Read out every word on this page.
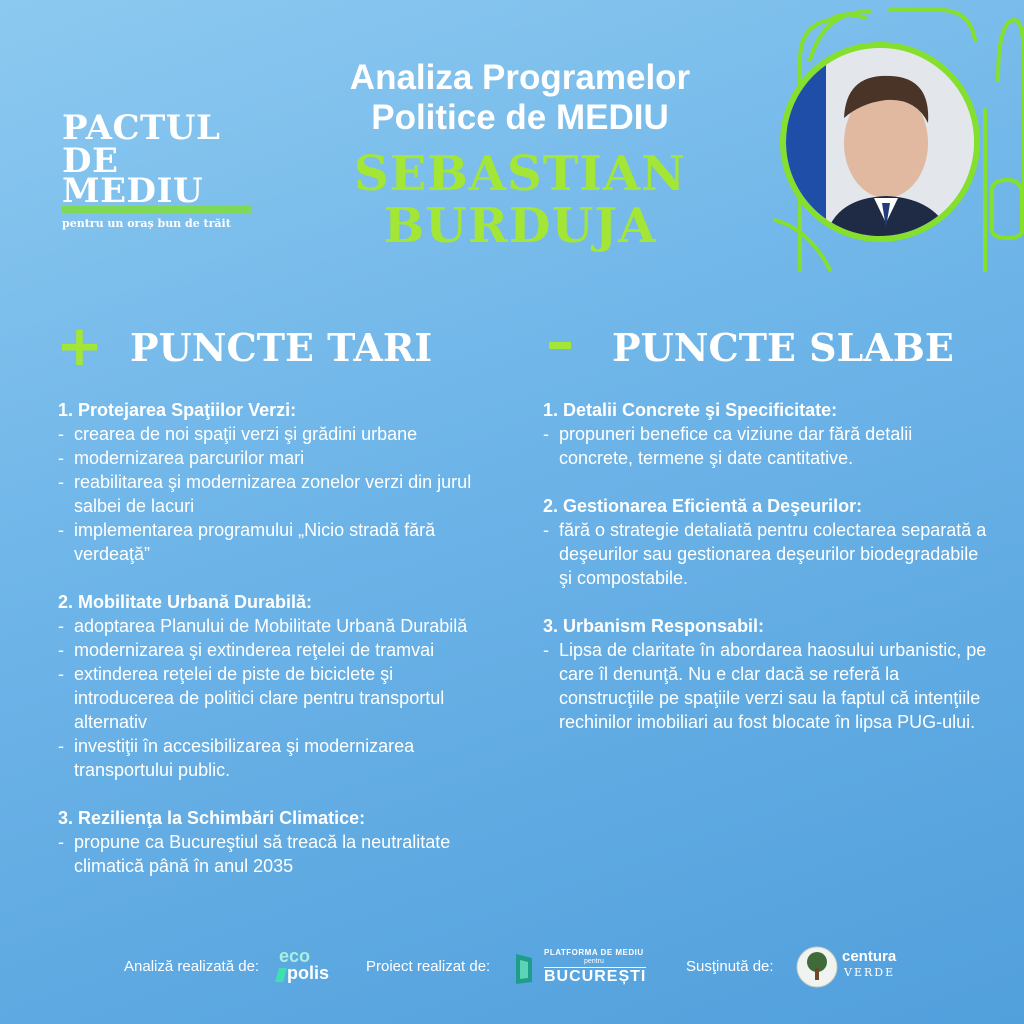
PACTUL
DE MEDIU
pentru un oraș bun de trăit
Analiza Programelor
Politice de MEDIU
SEBASTIAN
BURDUJA
+ PUNCTE TARI – PUNCTE SLABE
1. Protejarea Spaţiilor Verzi:
- crearea de noi spaţii verzi şi grădini urbane
- modernizarea parcurilor mari
- reabilitarea şi modernizarea zonelor verzi din jurul salbei de lacuri
- implementarea programului „Nicio stradă fără verdeaţă”
2. Mobilitate Urbană Durabilă:
- adoptarea Planului de Mobilitate Urbană Durabilă
- modernizarea şi extinderea reţelei de tramvai
- extinderea reţelei de piste de biciclete şi introducerea de politici clare pentru transportul alternativ
- investiţii în accesibilizarea şi modernizarea transportului public.
3. Rezilienţa la Schimbări Climatice:
- propune ca Bucureştiul să treacă la neutralitate climatică până în anul 2035
1. Detalii Concrete şi Specificitate:
- propuneri benefice ca viziune dar fără detalii concrete, termene şi date cantitative.
2. Gestionarea Eficientă a Deşeurilor:
- fără o strategie detaliată pentru colectarea separată a deşeurilor sau gestionarea deşeurilor biodegradabile şi compostabile.
3. Urbanism Responsabil:
- Lipsa de claritate în abordarea haosului urbanistic, pe care îl denunţă. Nu e clar dacă se referă la construcţiile pe spaţiile verzi sau la faptul că intenţiile rechinilor imobiliari au fost blocate în lipsa PUG-ului.
Analiză realizată de:
eco
polis Proiect realizat de:
PLATFORMA DE MEDIU
pentru
BUCUREȘTI
Susţinută de:
centura
VERDE
